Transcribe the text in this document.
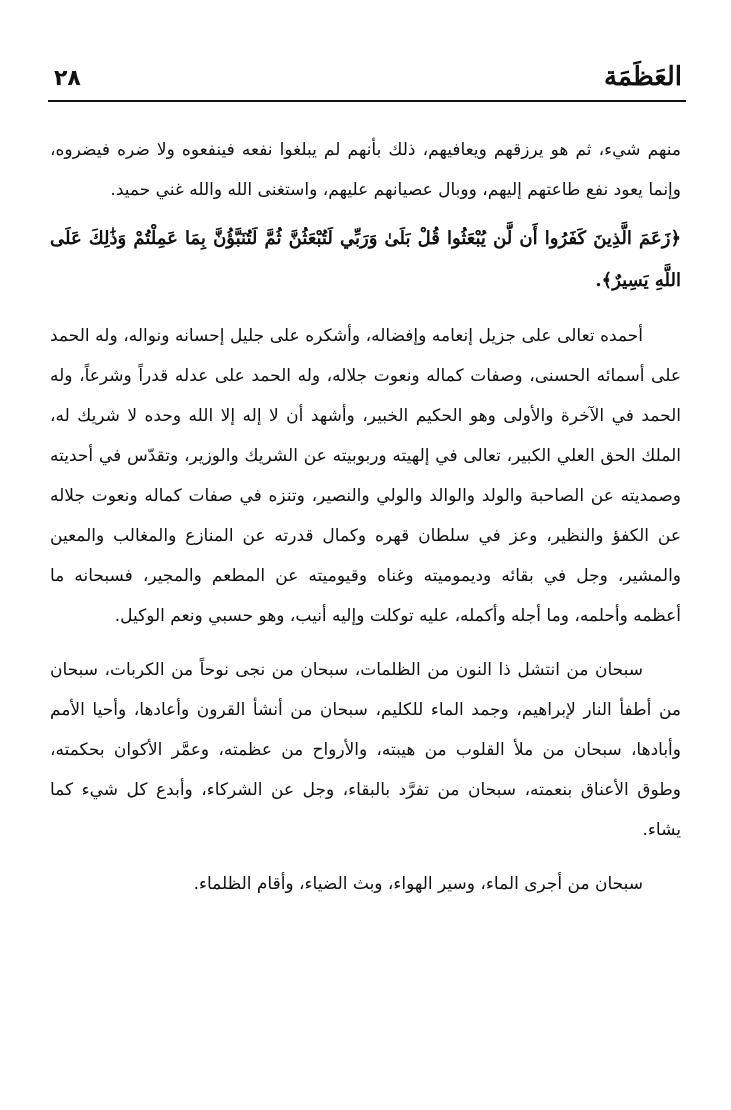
٢٨	العَظَمَة

منهم شيء، ثم هو يرزقهم ويعافيهم، ذلك بأنهم لم يبلغوا نفعه فينفعوه ولا ضره فيضروه، وإنما يعود نفع طاعتهم إليهم، ووبال عصيانهم عليهم، واستغنى الله والله غني حميد.

﴿زَعَمَ الَّذِينَ كَفَرُوا أَن لَّن يُبْعَثُوا قُلْ بَلَىٰ وَرَبِّي لَتُبْعَثُنَّ ثُمَّ لَتُنَبَّؤُنَّ بِمَا عَمِلْتُمْ وَذَٰلِكَ عَلَى اللَّهِ يَسِيرٌ﴾.

أحمده تعالى على جزيل إنعامه وإفضاله، وأشكره على جليل إحسانه ونواله، وله الحمد على أسمائه الحسنى، وصفات كماله ونعوت جلاله، وله الحمد على عدله قدراً وشرعاً، وله الحمد في الآخرة والأولى وهو الحكيم الخبير، وأشهد أن لا إله إلا الله وحده لا شريك له، الملك الحق العلي الكبير، تعالى في إلهيته وربوبيته عن الشريك والوزير، وتقدّس في أحديته وصمديته عن الصاحبة والولد والوالد والولي والنصير، وتنزه في صفات كماله ونعوت جلاله عن الكفؤ والنظير، وعز في سلطان قهره وكمال قدرته عن المنازع والمغالب والمعين والمشير، وجل في بقائه وديموميته وغناه وقيوميته عن المطعم والمجير، فسبحانه ما أعظمه وأحلمه، وما أجله وأكمله، عليه توكلت وإليه أنيب، وهو حسبي ونعم الوكيل.

سبحان من انتشل ذا النون من الظلمات، سبحان من نجى نوحاً من الكربات، سبحان من أطفأ النار لإبراهيم، وجمد الماء للكليم، سبحان من أنشأ القرون وأعادها، وأحيا الأمم وأبادها، سبحان من ملأ القلوب من هيبته، والأرواح من عظمته، وعمَّر الأكوان بحكمته، وطوق الأعناق بنعمته، سبحان من تفرَّد بالبقاء، وجل عن الشركاء، وأبدع كل شيء كما يشاء.

سبحان من أجرى الماء، وسير الهواء، وبث الضياء، وأقام الظلماء.
